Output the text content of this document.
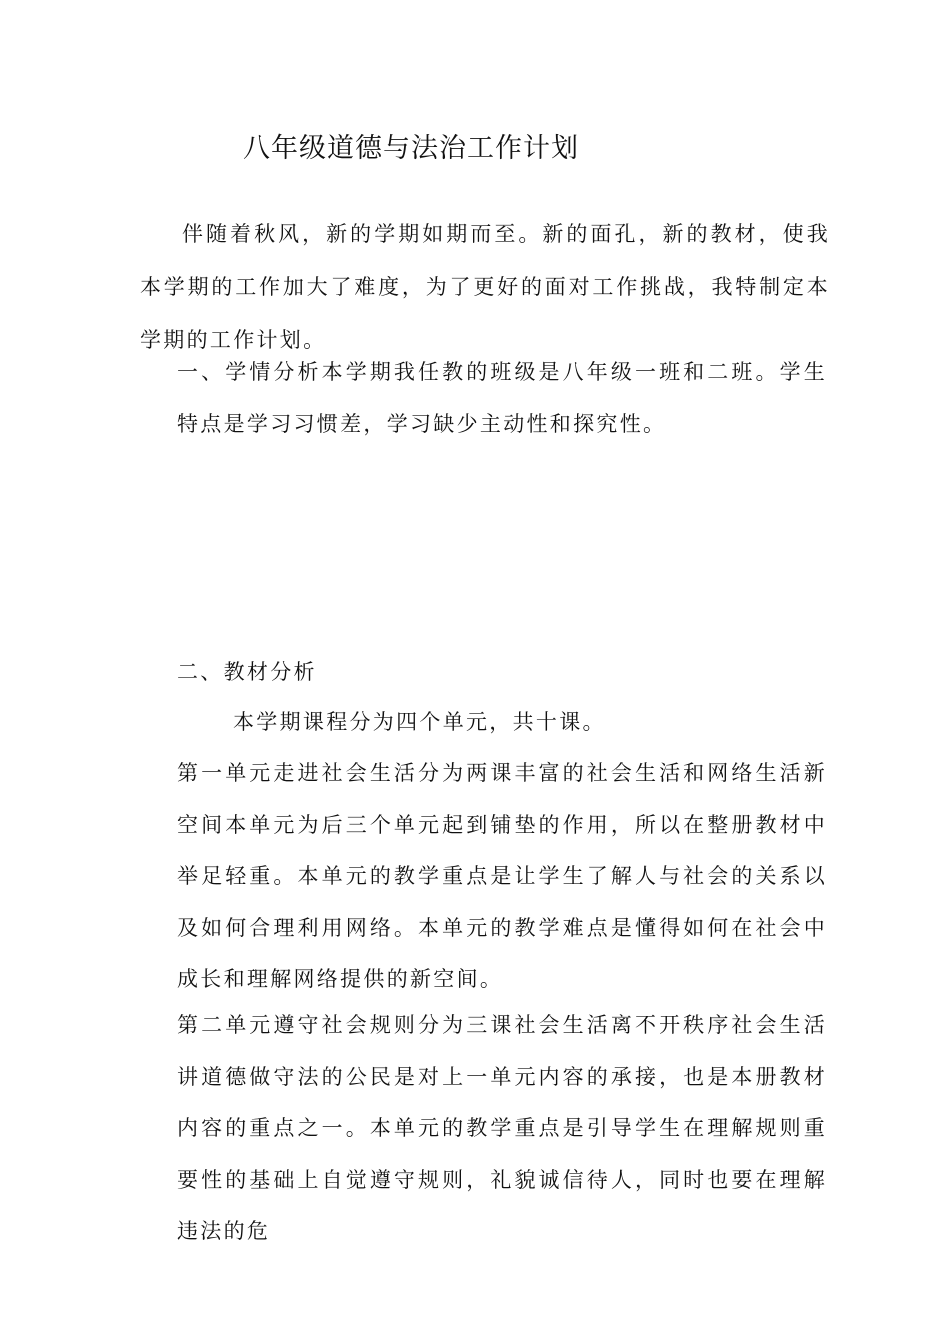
八年级道德与法治工作计划

伴随着秋风，新的学期如期而至。新的面孔，新的教材，使我本学期的工作加大了难度，为了更好的面对工作挑战，我特制定本学期的工作计划。

一、学情分析本学期我任教的班级是八年级一班和二班。学生特点是学习习惯差，学习缺少主动性和探究性。

二、教材分析
本学期课程分为四个单元，共十课。

第一单元走进社会生活分为两课丰富的社会生活和网络生活新空间本单元为后三个单元起到铺垫的作用，所以在整册教材中举足轻重。本单元的教学重点是让学生了解人与社会的关系以及如何合理利用网络。本单元的教学难点是懂得如何在社会中成长和理解网络提供的新空间。

第二单元遵守社会规则分为三课社会生活离不开秩序社会生活讲道德做守法的公民是对上一单元内容的承接，也是本册教材内容的重点之一。本单元的教学重点是引导学生在理解规则重要性的基础上自觉遵守规则，礼貌诚信待人，同时也要在理解违法的危
